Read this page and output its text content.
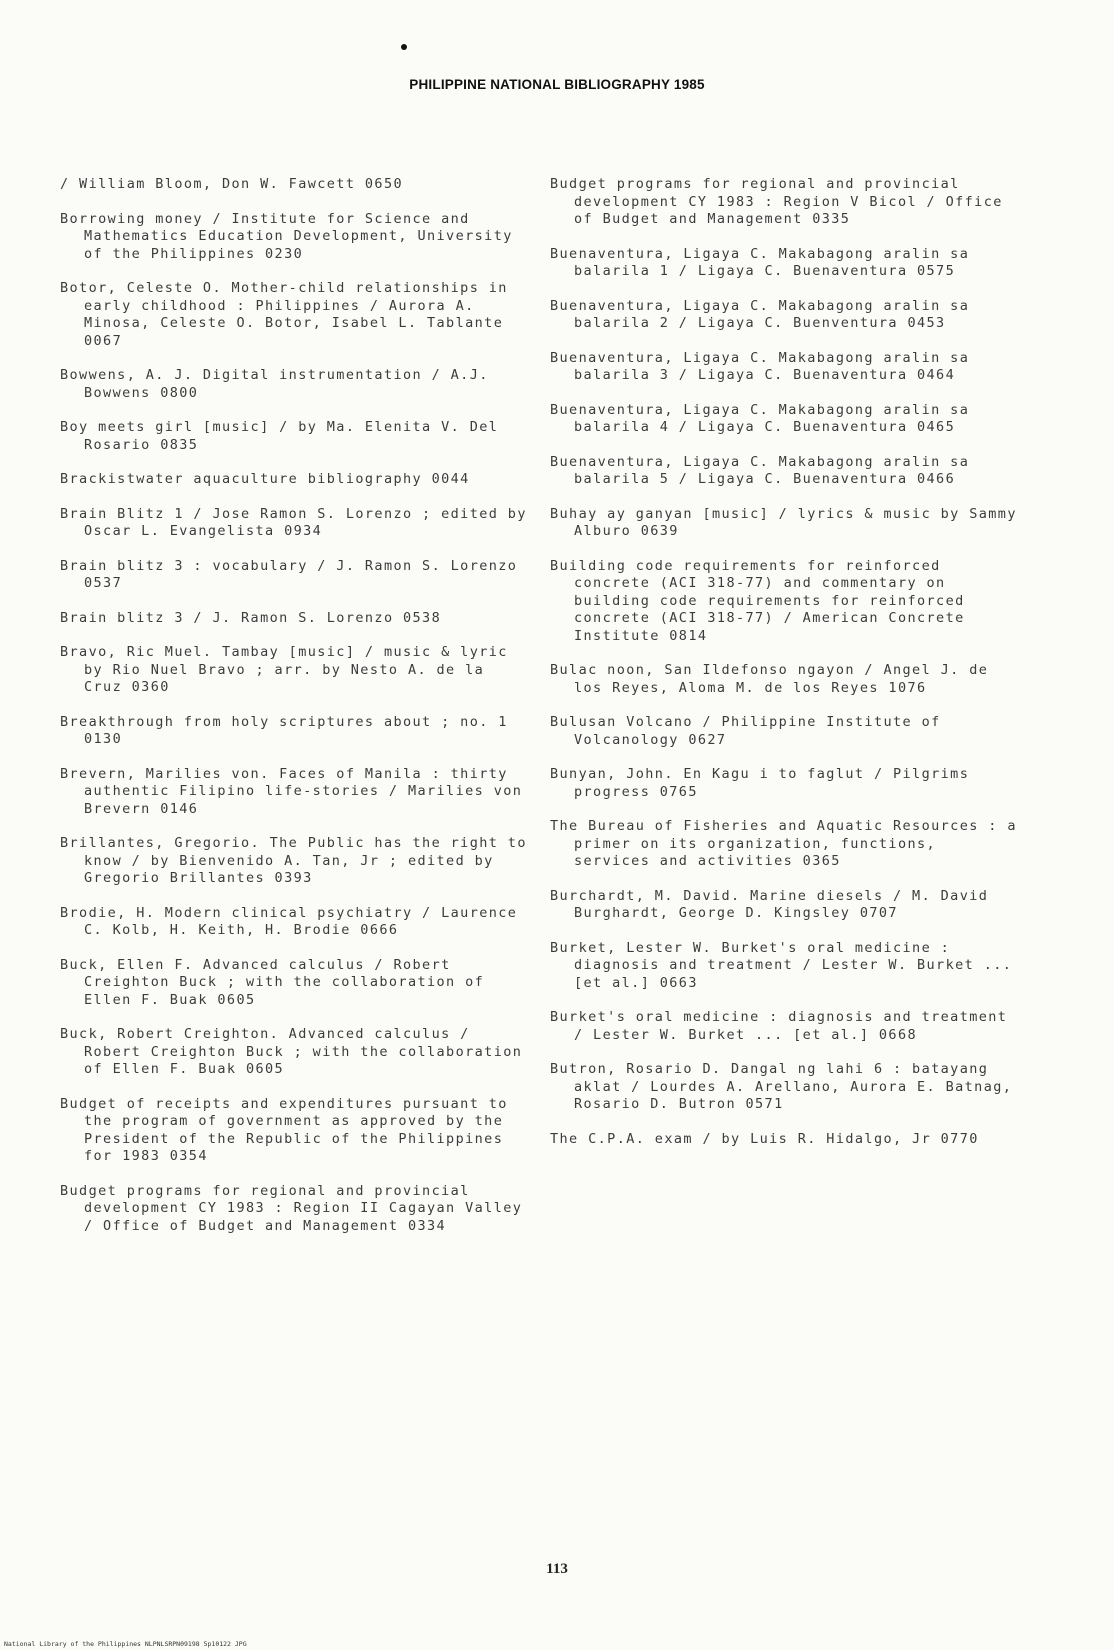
PHILIPPINE NATIONAL BIBLIOGRAPHY 1985
/ William Bloom, Don W. Fawcett 0650
Borrowing money / Institute for Science and Mathematics Education Development, University of the Philippines 0230
Botor, Celeste O. Mother-child relationships in early childhood : Philippines / Aurora A. Minosa, Celeste O. Botor, Isabel L. Tablante 0067
Bowwens, A. J. Digital instrumentation / A.J. Bowwens 0800
Boy meets girl [music] / by Ma. Elenita V. Del Rosario 0835
Brackistwater aquaculture bibliography 0044
Brain Blitz 1 / Jose Ramon S. Lorenzo ; edited by Oscar L. Evangelista 0934
Brain blitz 3 : vocabulary / J. Ramon S. Lorenzo 0537
Brain blitz 3 / J. Ramon S. Lorenzo 0538
Bravo, Ric Muel. Tambay [music] / music & lyric by Rio Nuel Bravo ; arr. by Nesto A. de la Cruz 0360
Breakthrough from holy scriptures about ; no. 1 0130
Brevern, Marilies von. Faces of Manila : thirty authentic Filipino life-stories / Marilies von Brevern 0146
Brillantes, Gregorio. The Public has the right to know / by Bienvenido A. Tan, Jr ; edited by Gregorio Brillantes 0393
Brodie, H. Modern clinical psychiatry / Laurence C. Kolb, H. Keith, H. Brodie 0666
Buck, Ellen F. Advanced calculus / Robert Creighton Buck ; with the collaboration of Ellen F. Buak 0605
Buck, Robert Creighton. Advanced calculus / Robert Creighton Buck ; with the collaboration of Ellen F. Buak 0605
Budget of receipts and expenditures pursuant to the program of government as approved by the President of the Republic of the Philippines for 1983 0354
Budget programs for regional and provincial development CY 1983 : Region II Cagayan Valley / Office of Budget and Management 0334
Budget programs for regional and provincial development CY 1983 : Region V Bicol / Office of Budget and Management 0335
Buenaventura, Ligaya C. Makabagong aralin sa balarila 1 / Ligaya C. Buenaventura 0575
Buenaventura, Ligaya C. Makabagong aralin sa balarila 2 / Ligaya C. Buenventura 0453
Buenaventura, Ligaya C. Makabagong aralin sa balarila 3 / Ligaya C. Buenaventura 0464
Buenaventura, Ligaya C. Makabagong aralin sa balarila 4 / Ligaya C. Buenaventura 0465
Buenaventura, Ligaya C. Makabagong aralin sa balarila 5 / Ligaya C. Buenaventura 0466
Buhay ay ganyan [music] / lyrics & music by Sammy Alburo 0639
Building code requirements for reinforced concrete (ACI 318-77) and commentary on building code requirements for reinforced concrete (ACI 318-77) / American Concrete Institute 0814
Bulac noon, San Ildefonso ngayon / Angel J. de los Reyes, Aloma M. de los Reyes 1076
Bulusan Volcano / Philippine Institute of Volcanology 0627
Bunyan, John. En Kagu i to faglut / Pilgrims progress 0765
The Bureau of Fisheries and Aquatic Resources : a primer on its organization, functions, services and activities 0365
Burchardt, M. David. Marine diesels / M. David Burghardt, George D. Kingsley 0707
Burket, Lester W. Burket's oral medicine : diagnosis and treatment / Lester W. Burket ... [et al.] 0663
Burket's oral medicine : diagnosis and treatment / Lester W. Burket ... [et al.] 0668
Butron, Rosario D. Dangal ng lahi 6 : batayang aklat / Lourdes A. Arellano, Aurora E. Batnag, Rosario D. Butron 0571
The C.P.A. exam / by Luis R. Hidalgo, Jr 0770
113
National Library of the Philippines NLPNLSRPN09198 5p10122 JPG
